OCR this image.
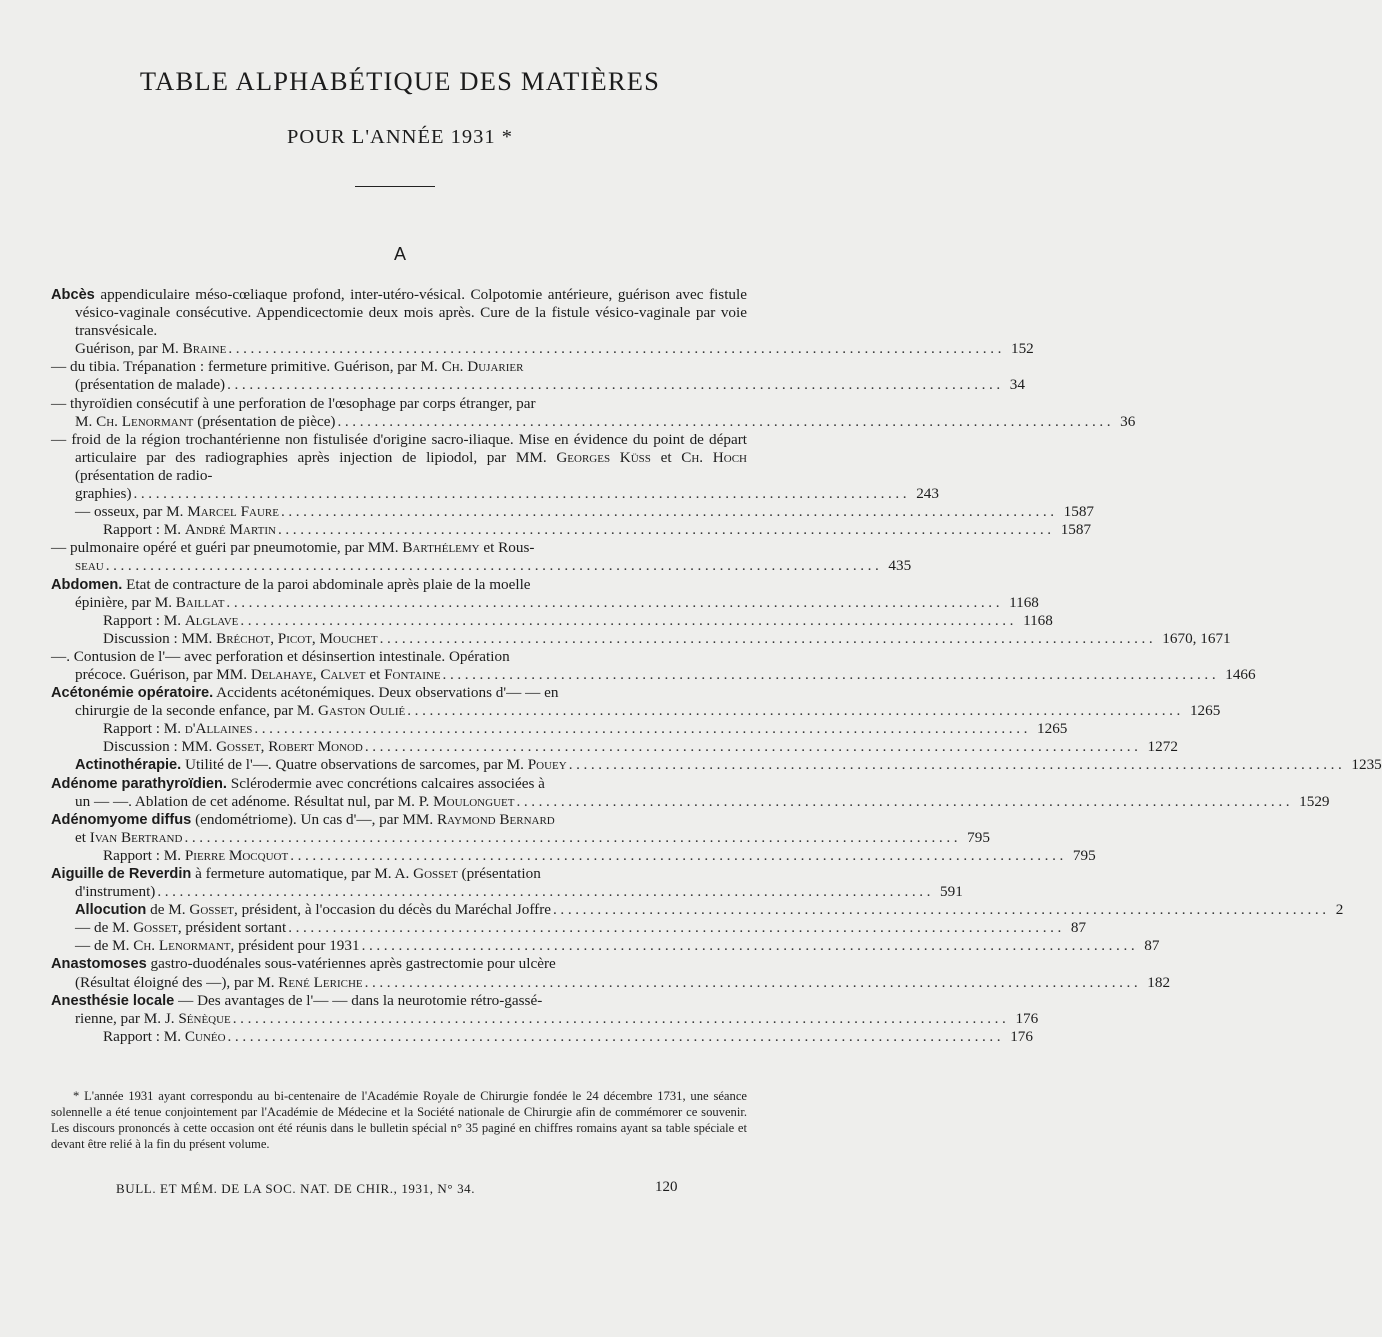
TABLE ALPHABÉTIQUE DES MATIÈRES
POUR L'ANNÉE 1931 *
A
Abcès appendiculaire méso-cœliaque profond, inter-utéro-vésical. Colpotomie antérieure, guérison avec fistule vésico-vaginale consécutive. Appendicectomie deux mois après. Cure de la fistule vésico-vaginale par voie transvésicale.
Guérison, par M. Braine ......................................................................................................... 152
— du tibia. Trépanation : fermeture primitive. Guérison, par M. Ch. Dujarier
(présentation de malade) ......................................................................................................... 34
— thyroïdien consécutif à une perforation de l'œsophage par corps étranger, par
M. Ch. Lenormant (présentation de pièce) ......................................................................................................... 36
— froid de la région trochantérienne non fistulisée d'origine sacro-iliaque. Mise en évidence du point de départ articulaire par des radiographies après injection de lipiodol, par MM. Georges Küss et Ch. Hoch (présentation de radio-
graphies) ......................................................................................................... 243
— osseux, par M. Marcel Faure ......................................................................................................... 1587
Rapport : M. André Martin ......................................................................................................... 1587
— pulmonaire opéré et guéri par pneumotomie, par MM. Barthélemy et Rous-
seau ......................................................................................................... 435
Abdomen. Etat de contracture de la paroi abdominale après plaie de la moelle
épinière, par M. Baillat ......................................................................................................... 1168
Rapport : M. Alglave ......................................................................................................... 1168
Discussion : MM. Bréchot, Picot, Mouchet ......................................................................................................... 1670, 1671
—. Contusion de l'— avec perforation et désinsertion intestinale. Opération
précoce. Guérison, par MM. Delahaye, Calvet et Fontaine ......................................................................................................... 1466
Acétonémie opératoire. Accidents acétonémiques. Deux observations d'— — en
chirurgie de la seconde enfance, par M. Gaston Oulié ......................................................................................................... 1265
Rapport : M. d'Allaines ......................................................................................................... 1265
Discussion : MM. Gosset, Robert Monod ......................................................................................................... 1272
Actinothérapie. Utilité de l'—. Quatre observations de sarcomes, par M. Pouey ......................................................................................................... 1235
Adénome parathyroïdien. Sclérodermie avec concrétions calcaires associées à
un — —. Ablation de cet adénome. Résultat nul, par M. P. Moulonguet ......................................................................................................... 1529
Adénomyome diffus (endométriome). Un cas d'—, par MM. Raymond Bernard
et Ivan Bertrand ......................................................................................................... 795
Rapport : M. Pierre Mocquot ......................................................................................................... 795
Aiguille de Reverdin à fermeture automatique, par M. A. Gosset (présentation
d'instrument) ......................................................................................................... 591
Allocution de M. Gosset, président, à l'occasion du décès du Maréchal Joffre ......................................................................................................... 2
— de M. Gosset, président sortant ......................................................................................................... 87
— de M. Ch. Lenormant, président pour 1931 ......................................................................................................... 87
Anastomoses gastro-duodénales sous-vatériennes après gastrectomie pour ulcère
(Résultat éloigné des —), par M. René Leriche ......................................................................................................... 182
Anesthésie locale — Des avantages de l'— — dans la neurotomie rétro-gassé-
rienne, par M. J. Sénèque ......................................................................................................... 176
Rapport : M. Cunéo ......................................................................................................... 176
* L'année 1931 ayant correspondu au bi-centenaire de l'Académie Royale de Chirurgie fondée le 24 décembre 1731, une séance solennelle a été tenue conjointement par l'Académie de Médecine et la Société nationale de Chirurgie afin de commémorer ce souvenir. Les discours prononcés à cette occasion ont été réunis dans le bulletin spécial n° 35 paginé en chiffres romains ayant sa table spéciale et devant être relié à la fin du présent volume.
BULL. ET MÉM. DE LA SOC. NAT. DE CHIR., 1931, N° 34.	120
